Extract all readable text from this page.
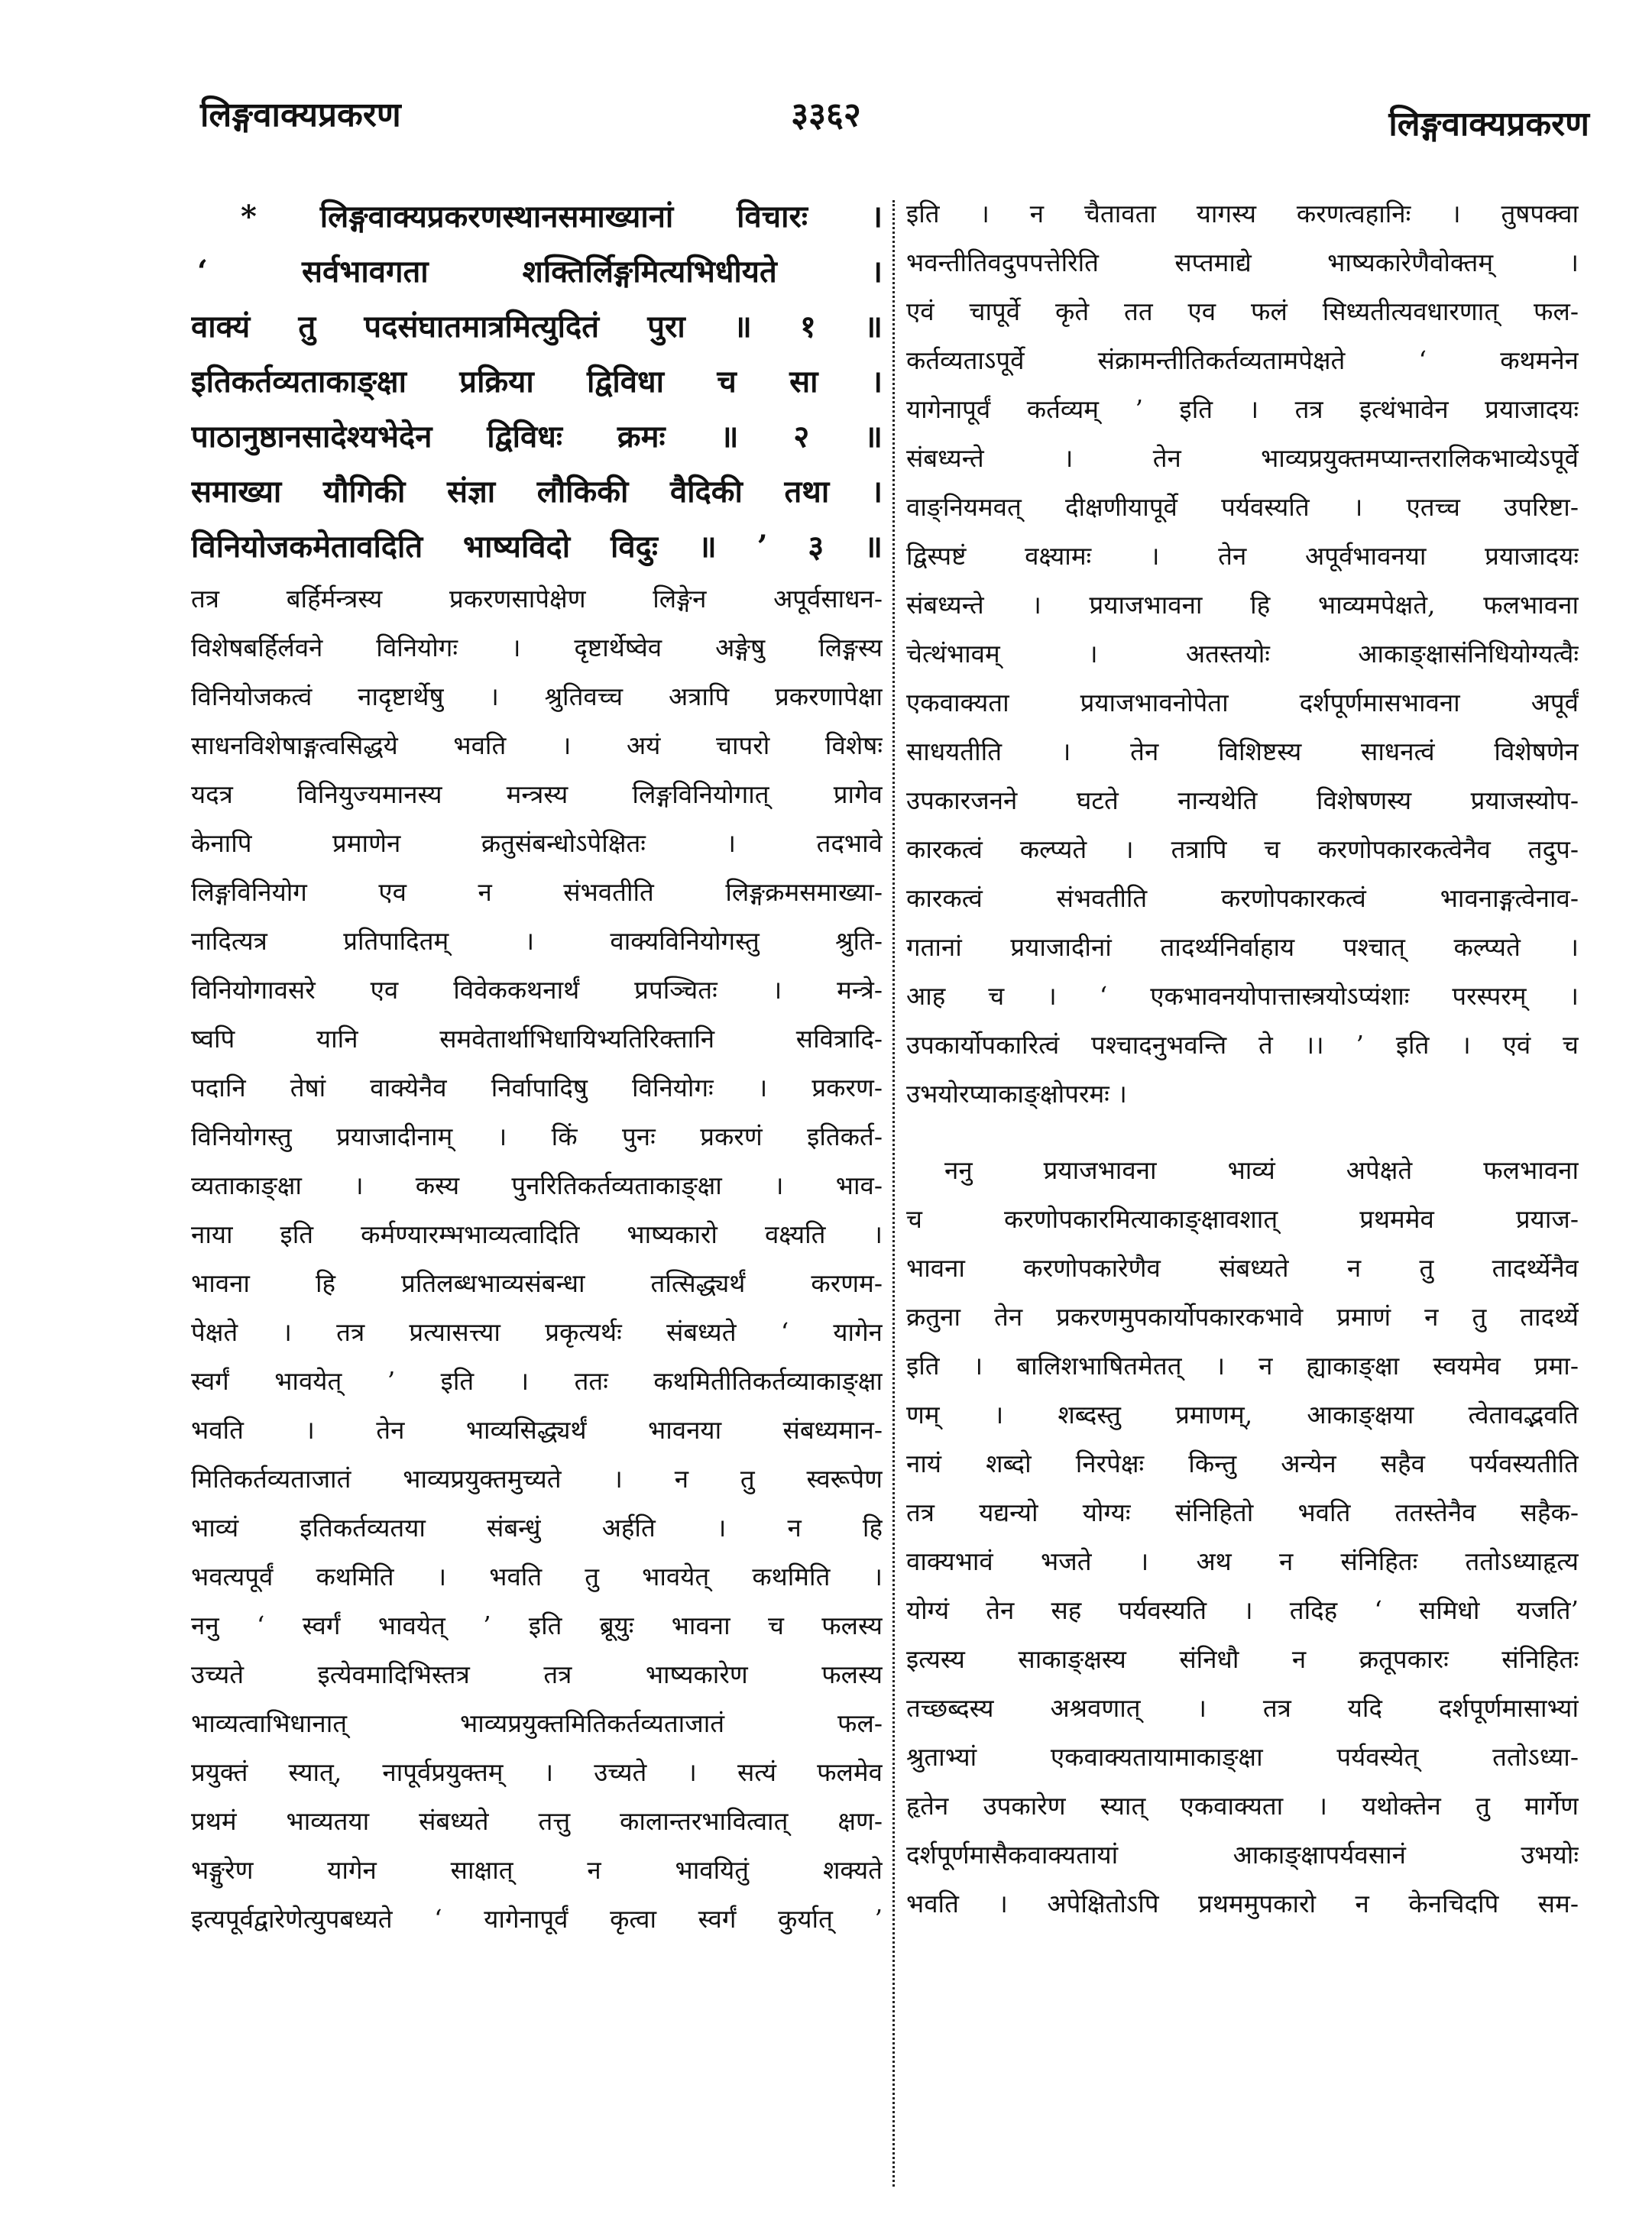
लिङ्गवाक्यप्रकरण	३३६२	लिङ्गवाक्यप्रकरण
* लिङ्गवाक्यप्रकरणस्थानसमाख्यानां विचारः ।
‘ सर्वभावगता शक्तिर्लिङ्गमित्यभिधीयते ।
वाक्यं तु पदसंघातमात्रमित्युदितं पुरा ॥ १ ॥
इतिकर्तव्यताकाङ्क्षा प्रक्रिया द्विविधा च सा ।
पाठानुष्ठानसादेश्यभेदेन द्विविधः क्रमः ॥ २ ॥
समाख्या यौगिकी संज्ञा लौकिकी वैदिकी तथा ।
विनियोजकमेतावदिति भाष्यविदो विदुः ॥ ’ ३ ॥
तत्र बर्हिर्मन्त्रस्य प्रकरणसापेक्षेण लिङ्गेन अपूर्वसाधन-
विशेषबर्हिर्लवने विनियोगः । दृष्टार्थेष्वेव अङ्गेषु लिङ्गस्य
विनियोजकत्वं नादृष्टार्थेषु । श्रुतिवच्च अत्रापि प्रकरणापेक्षा
साधनविशेषाङ्गत्वसिद्धये भवति । अयं चापरो विशेषः
यदत्र विनियुज्यमानस्य मन्त्रस्य लिङ्गविनियोगात् प्रागेव
केनापि प्रमाणेन क्रतुसंबन्धोऽपेक्षितः । तदभावे
लिङ्गविनियोग एव न संभवतीति लिङ्गक्रमसमाख्या-
नादित्यत्र प्रतिपादितम् । वाक्यविनियोगस्तु श्रुति-
विनियोगावसरे एव विवेककथनार्थं प्रपञ्चितः । मन्त्रे-
ष्वपि यानि समवेतार्थाभिधायिभ्यतिरिक्तानि सवित्रादि-
पदानि तेषां वाक्येनैव निर्वापादिषु विनियोगः । प्रकरण-
विनियोगस्तु प्रयाजादीनाम् । किं पुनः प्रकरणं इतिकर्त-
व्यताकाङ्क्षा । कस्य पुनरितिकर्तव्यताकाङ्क्षा । भाव-
नाया इति कर्मण्यारम्भभाव्यत्वादिति भाष्यकारो वक्ष्यति ।
भावना हि प्रतिलब्धभाव्यसंबन्धा तत्सिद्ध्यर्थं करणम-
पेक्षते । तत्र प्रत्यासत्त्या प्रकृत्यर्थः संबध्यते ‘ यागेन
स्वर्गं भावयेत् ’ इति । ततः कथमितीतिकर्तव्याकाङ्क्षा
भवति । तेन भाव्यसिद्ध्यर्थं भावनया संबध्यमान-
मितिकर्तव्यताजातं भाव्यप्रयुक्तमुच्यते । न तु स्वरूपेण
भाव्यं इतिकर्तव्यतया संबन्धुं अर्हति । न हि
भवत्यपूर्वं कथमिति । भवति तु भावयेत् कथमिति ।
ननु ‘ स्वर्गं भावयेत् ’ इति ब्रूयुः भावना च फलस्य
उच्यते इत्येवमादिभिस्तत्र तत्र भाष्यकारेण फलस्य
भाव्यत्वाभिधानात् भाव्यप्रयुक्तमितिकर्तव्यताजातं फल-
प्रयुक्तं स्यात्, नापूर्वप्रयुक्तम् । उच्यते । सत्यं फलमेव
प्रथमं भाव्यतया संबध्यते तत्तु कालान्तरभावित्वात् क्षण-
भङ्गुरेण यागेन साक्षात् न भावयितुं शक्यते
इत्यपूर्वद्वारेणेत्युपबध्यते ‘ यागेनापूर्वं कृत्वा स्वर्गं कुर्यात् ’
इति । न चैतावता यागस्य करणत्वहानिः । तुषपक्वा
भवन्तीतिवदुपपत्तेरिति सप्तमाद्ये भाष्यकारेणैवोक्तम् ।
एवं चापूर्वे कृते तत एव फलं सिध्यतीत्यवधारणात् फल-
कर्तव्यताऽपूर्वे संक्रामन्तीतिकर्तव्यतामपेक्षते ‘ कथमनेन
यागेनापूर्वं कर्तव्यम् ’ इति । तत्र इत्थंभावेन प्रयाजादयः
संबध्यन्ते । तेन भाव्यप्रयुक्तमप्यान्तरालिकभाव्येऽपूर्वे
वाङ्नियमवत् दीक्षणीयापूर्वे पर्यवस्यति । एतच्च उपरिष्टा-
द्विस्पष्टं वक्ष्यामः । तेन अपूर्वभावनया प्रयाजादयः
संबध्यन्ते । प्रयाजभावना हि भाव्यमपेक्षते, फलभावना
चेत्थंभावम् । अतस्तयोः आकाङ्क्षासंनिधियोग्यत्वैः
एकवाक्यता प्रयाजभावनोपेता दर्शपूर्णमासभावना अपूर्वं
साधयतीति । तेन विशिष्टस्य साधनत्वं विशेषणेन
उपकारजनने घटते नान्यथेति विशेषणस्य प्रयाजस्योप-
कारकत्वं कल्प्यते । तत्रापि च करणोपकारकत्वेनैव तदुप-
कारकत्वं संभवतीति करणोपकारकत्वं भावनाङ्गत्वेनाव-
गतानां प्रयाजादीनां तादर्थ्यनिर्वाहाय पश्चात् कल्प्यते ।
आह च । ‘ एकभावनयोपात्तास्त्रयोऽप्यंशाः परस्परम् ।
उपकार्योपकारित्वं पश्चादनुभवन्ति ते ।। ’ इति । एवं च
उभयोरप्याकाङ्क्षोपरमः ।
ननु प्रयाजभावना भाव्यं अपेक्षते फलभावना
च करणोपकारमित्याकाङ्क्षावशात् प्रथममेव प्रयाज-
भावना करणोपकारेणैव संबध्यते न तु तादर्थ्येनैव
क्रतुना तेन प्रकरणमुपकार्योपकारकभावे प्रमाणं न तु तादर्थ्ये
इति । बालिशभाषितमेतत् । न ह्याकाङ्क्षा स्वयमेव प्रमा-
णम् । शब्दस्तु प्रमाणम्, आकाङ्क्षया त्वेतावद्भवति
नायं शब्दो निरपेक्षः किन्तु अन्येन सहैव पर्यवस्यतीति
तत्र यद्यन्यो योग्यः संनिहितो भवति ततस्तेनैव सहैक-
वाक्यभावं भजते । अथ न संनिहितः ततोऽध्याहृत्य
योग्यं तेन सह पर्यवस्यति । तदिह ‘ समिधो यजति’
इत्यस्य साकाङ्क्षस्य संनिधौ न क्रतूपकारः संनिहितः
तच्छब्दस्य अश्रवणात् । तत्र यदि दर्शपूर्णमासाभ्यां
श्रुताभ्यां एकवाक्यतायामाकाङ्क्षा पर्यवस्येत् ततोऽध्या-
हृतेन उपकारेण स्यात् एकवाक्यता । यथोक्तेन तु मार्गेण
दर्शपूर्णमासैकवाक्यतायां आकाङ्क्षापर्यवसानं उभयोः
भवति । अपेक्षितोऽपि प्रथममुपकारो न केनचिदपि सम-
